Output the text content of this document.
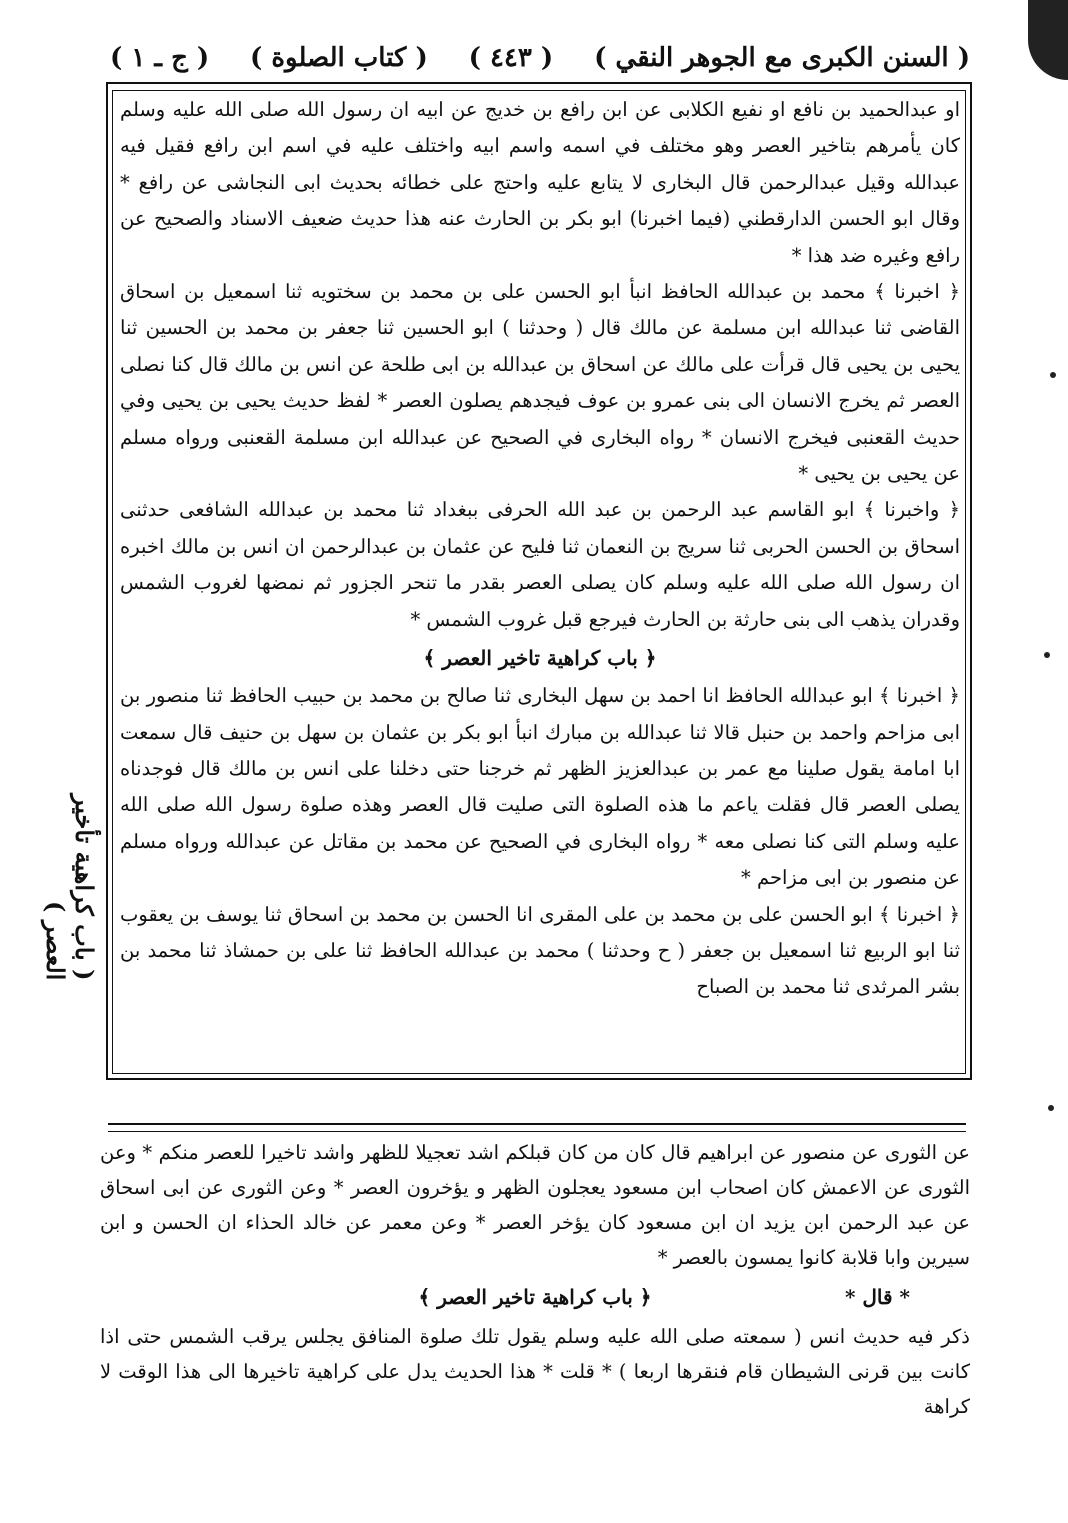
( السنن الكبرى مع الجوهر النقي )
( ٤٤٣ )
( كتاب الصلوة )
( ج ـ ١ )

او عبدالحميد بن نافع او نفيع الكلابى عن ابن رافع بن خديج عن ابيه ان رسول الله صلى الله عليه وسلم كان يأمرهم بتاخير العصر وهو مختلف في اسمه واسم ابيه واختلف عليه في اسم ابن رافع فقيل فيه عبدالله وقيل عبدالرحمن قال البخارى لا يتابع عليه واحتج على خطائه بحديث ابى النجاشى عن رافع * وقال ابو الحسن الدارقطني (فيما اخبرنا) ابو بكر بن الحارث عنه هذا حديث ضعيف الاسناد والصحيح عن رافع وغيره ضد هذا *

﴿ اخبرنا ﴾ محمد بن عبدالله الحافظ انبأ ابو الحسن على بن محمد بن سختويه ثنا اسمعيل بن اسحاق القاضى ثنا عبدالله ابن مسلمة عن مالك قال ( وحدثنا ) ابو الحسين ثنا جعفر بن محمد بن الحسين ثنا يحيى بن يحيى قال قرأت على مالك عن اسحاق بن عبدالله بن ابى طلحة عن انس بن مالك قال كنا نصلى العصر ثم يخرج الانسان الى بنى عمرو بن عوف فيجدهم يصلون العصر * لفظ حديث يحيى بن يحيى وفي حديث القعنبى فيخرج الانسان * رواه البخارى في الصحيح عن عبدالله ابن مسلمة القعنبى ورواه مسلم عن يحيى بن يحيى *

﴿ واخبرنا ﴾ ابو القاسم عبد الرحمن بن عبد الله الحرفى ببغداد ثنا محمد بن عبدالله الشافعى حدثنى اسحاق بن الحسن الحربى ثنا سريج بن النعمان ثنا فليح عن عثمان بن عبدالرحمن ان انس بن مالك اخبره ان رسول الله صلى الله عليه وسلم كان يصلى العصر بقدر ما تنحر الجزور ثم نمضها لغروب الشمس وقدران يذهب الى بنى حارثة بن الحارث فيرجع قبل غروب الشمس *

﴿ باب كراهية تاخير العصر ﴾

﴿ اخبرنا ﴾ ابو عبدالله الحافظ انا احمد بن سهل البخارى ثنا صالح بن محمد بن حبيب الحافظ ثنا منصور بن ابى مزاحم واحمد بن حنبل قالا ثنا عبدالله بن مبارك انبأ ابو بكر بن عثمان بن سهل بن حنيف قال سمعت ابا امامة يقول صلينا مع عمر بن عبدالعزيز الظهر ثم خرجنا حتى دخلنا على انس بن مالك قال فوجدناه يصلى العصر قال فقلت ياعم ما هذه الصلوة التى صليت قال العصر وهذه صلوة رسول الله صلى الله عليه وسلم التى كنا نصلى معه * رواه البخارى في الصحيح عن محمد بن مقاتل عن عبدالله ورواه مسلم عن منصور بن ابى مزاحم *

﴿ اخبرنا ﴾ ابو الحسن على بن محمد بن على المقرى انا الحسن بن محمد بن اسحاق ثنا يوسف بن يعقوب ثنا ابو الربيع ثنا اسمعيل بن جعفر ( ح وحدثنا ) محمد بن عبدالله الحافظ ثنا على بن حمشاذ ثنا محمد بن بشر المرثدى ثنا محمد بن الصباح

( باب كراهية تأخير العصر )

عن الثورى عن منصور عن ابراهيم قال كان من كان قبلكم اشد تعجيلا للظهر واشد تاخيرا للعصر منكم * وعن الثورى عن الاعمش كان اصحاب ابن مسعود يعجلون الظهر و يؤخرون العصر * وعن الثورى عن ابى اسحاق عن عبد الرحمن ابن يزيد ان ابن مسعود كان يؤخر العصر * وعن معمر عن خالد الحذاء ان الحسن و ابن سيرين وابا قلابة كانوا يمسون بالعصر *

* قال *
﴿ باب كراهية تاخير العصر ﴾

ذكر فيه حديث انس ( سمعته صلى الله عليه وسلم يقول تلك صلوة المنافق يجلس يرقب الشمس حتى اذا كانت بين قرنى الشيطان قام فنقرها اربعا ) * قلت * هذا الحديث يدل على كراهية تاخيرها الى هذا الوقت لا كراهة
